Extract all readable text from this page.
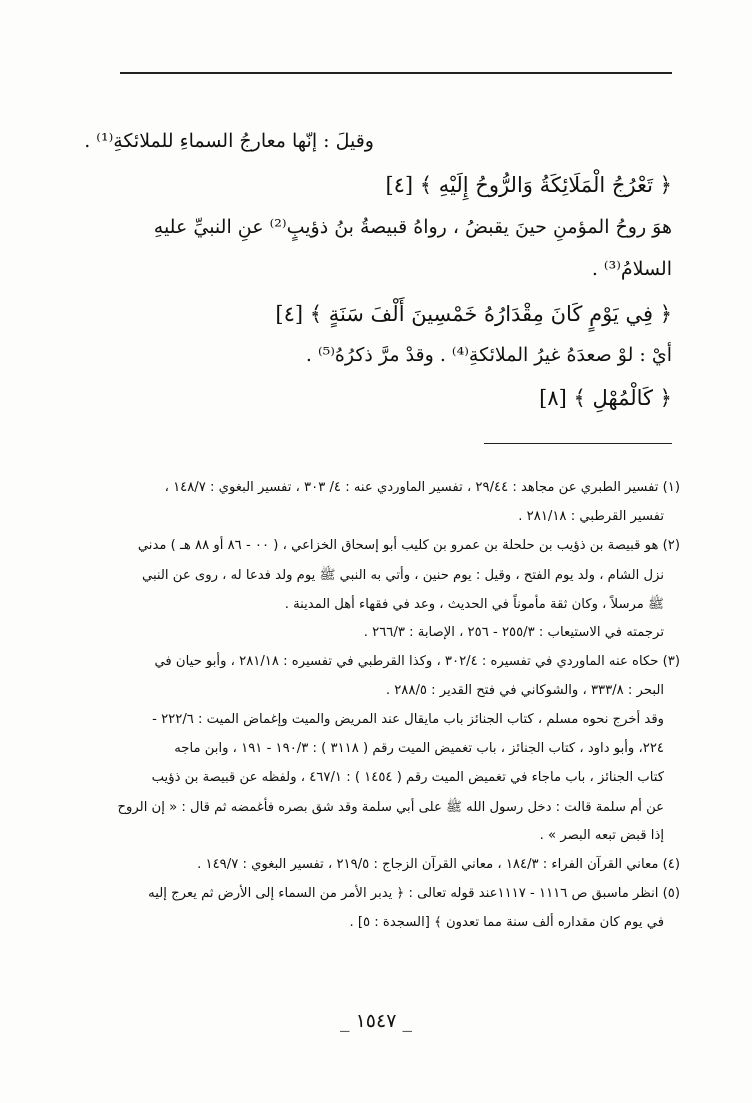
وقيلَ : إنّها معارجُ السماءِ للملائكةِ⁽¹⁾ .
﴿ تَعْرُجُ الْمَلَائِكَةُ وَالرُّوحُ إِلَيْهِ ﴾ [٤]
هوَ روحُ المؤمنِ حينَ يقبضُ ، رواهُ قبيصةُ بنُ ذؤيبٍ⁽²⁾ عنِ النبيِّ عليهِ
السلامُ⁽³⁾ .
﴿ فِي يَوْمٍ كَانَ مِقْدَارُهُ خَمْسِينَ أَلْفَ سَنَةٍ ﴾ [٤]
أيْ : لوْ صعدَهُ غيرُ الملائكةِ⁽⁴⁾ . وقدْ مرَّ ذكرُهُ⁽⁵⁾ .
﴿ كَالْمُهْلِ ﴾ [٨]
(١) تفسير الطبري عن مجاهد : ٢٩/٤٤ ، تفسير الماوردي عنه : ٤/ ٣٠٣ ، تفسير البغوي : ١٤٨/٧ ،
تفسير القرطبي : ٢٨١/١٨ .
(٢) هو قبيصة بن ذؤيب بن حلحلة بن عمرو بن كليب أبو إسحاق الخزاعي ، ( ٠٠ - ٨٦ أو ٨٨ هـ ) مدني
نزل الشام ، ولد يوم الفتح ، وقيل : يوم حنين ، وأتي به النبي ﷺ يوم ولد فدعا له ، روى عن النبي
ﷺ مرسلاً ، وكان ثقة مأموناً في الحديث ، وعد في فقهاء أهل المدينة .
ترجمته في الاستيعاب : ٢٥٥/٣ - ٢٥٦ ، الإصابة : ٢٦٦/٣ .
(٣) حكاه عنه الماوردي في تفسيره : ٣٠٢/٤ ، وكذا القرطبي في تفسيره : ٢٨١/١٨ ، وأبو حيان في
البحر : ٣٣٣/٨ ، والشوكاني في فتح القدير : ٢٨٨/٥ .
وقد أخرج نحوه مسلم ، كتاب الجنائز باب مايقال عند المريض والميت وإغماض الميت : ٢٢٢/٦ -
٢٢٤، وأبو داود ، كتاب الجنائز ، باب تغميض الميت رقم ( ٣١١٨ ) : ١٩٠/٣ - ١٩١ ، وابن ماجه
كتاب الجنائز ، باب ماجاء في تغميض الميت رقم ( ١٤٥٤ ) : ٤٦٧/١ ، ولفظه عن قبيصة بن ذؤيب
عن أم سلمة قالت : دخل رسول الله ﷺ على أبي سلمة وقد شق بصره فأغمضه ثم قال : « إن الروح
إذا قبض تبعه البصر » .
(٤) معاني القرآن الفراء : ١٨٤/٣ ، معاني القرآن الزجاج : ٢١٩/٥ ، تفسير البغوي : ١٤٩/٧ .
(٥) انظر ماسبق ص ١١١٦ - ١١١٧عند قوله تعالى : ﴿ يدبر الأمر من السماء إلى الأرض ثم يعرج إليه
في يوم كان مقداره ألف سنة مما تعدون ﴾ [السجدة : ٥] .
_ ١٥٤٧ _
